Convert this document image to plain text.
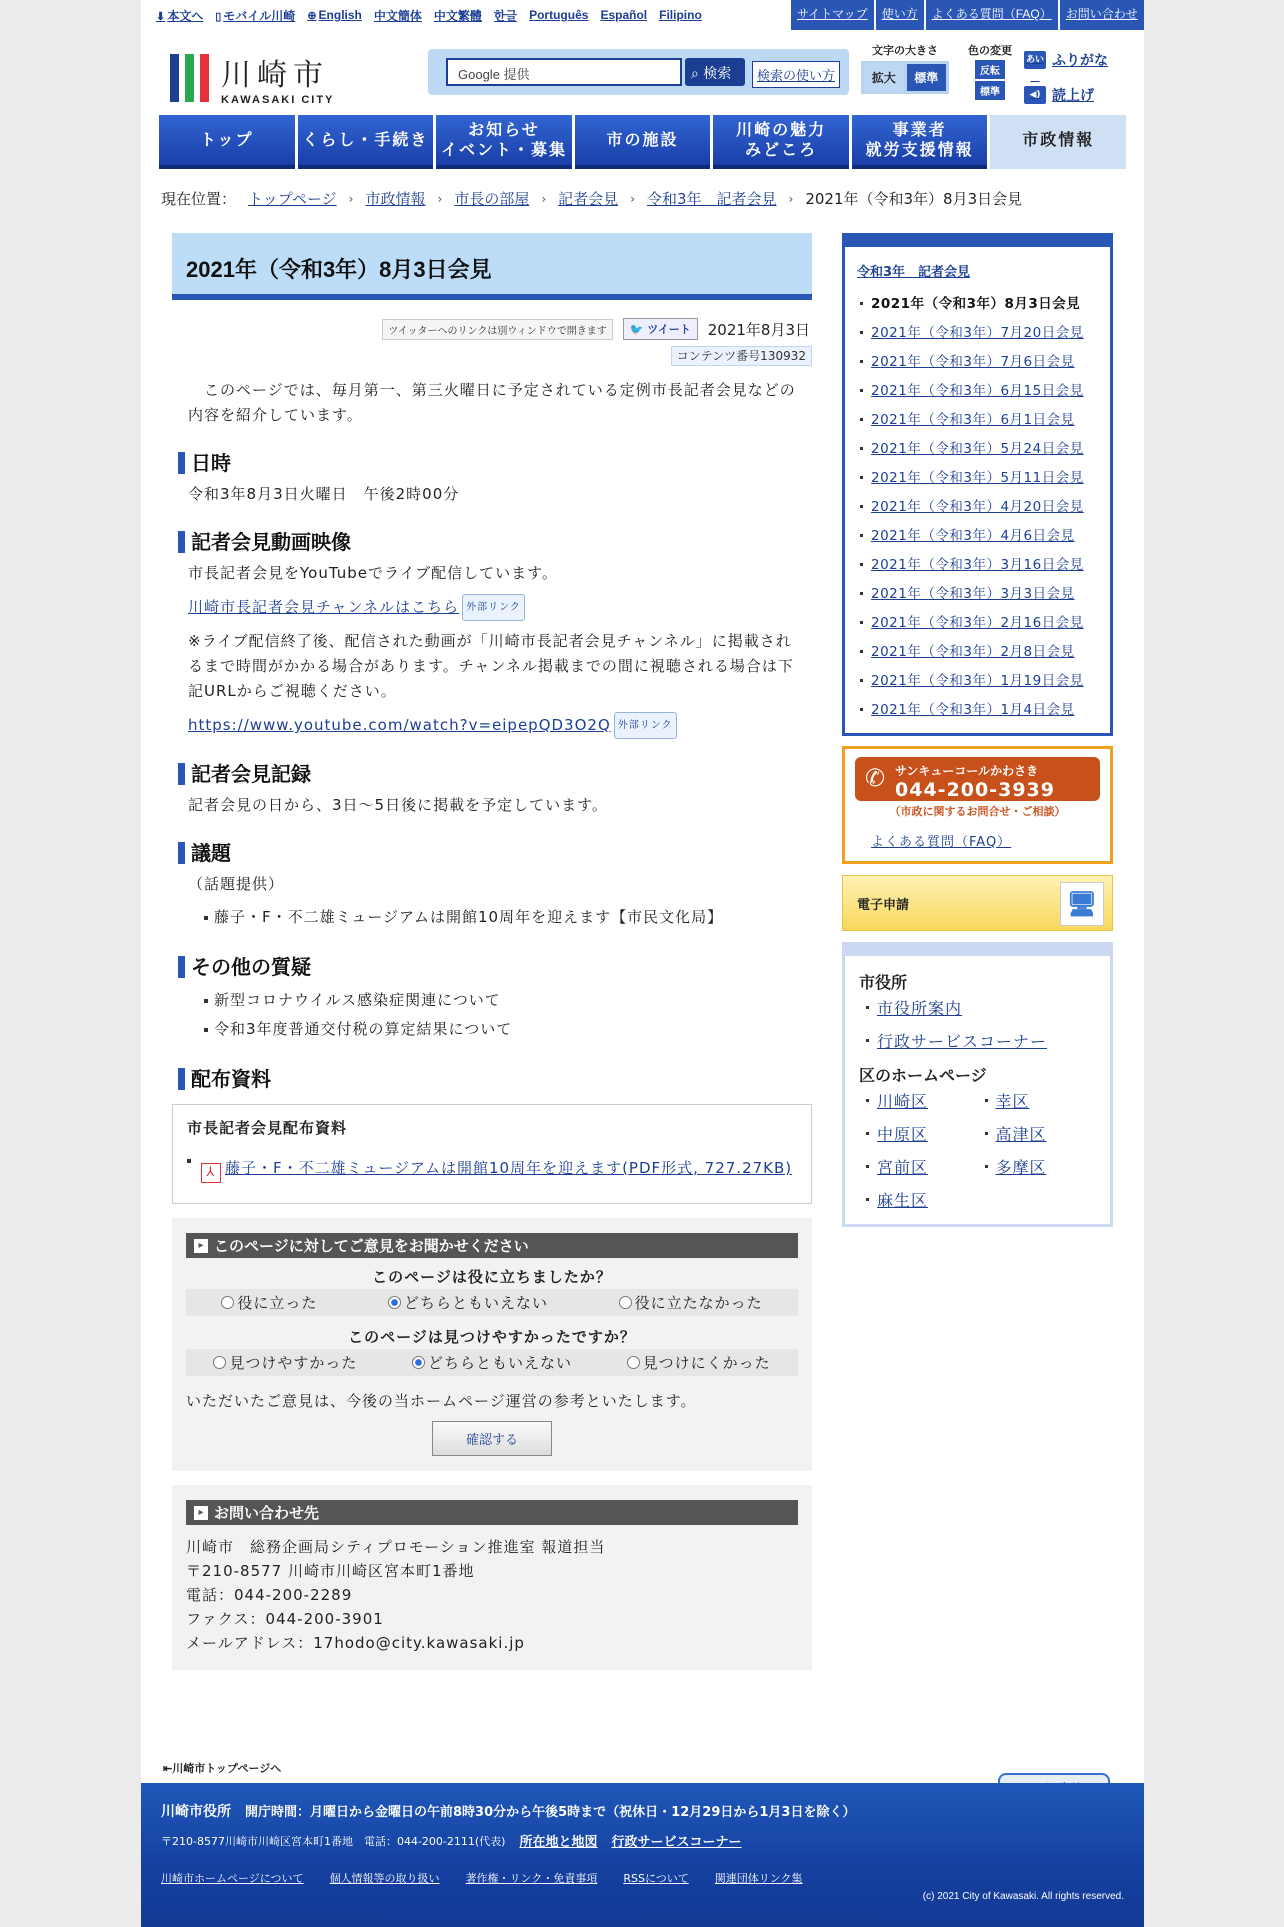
⬇ 本文へ ▯ モバイル川崎 ⊕ English 中文簡体 中文繁體 한글 Português Español Filipino	サイトマップ	使い方	よくある質問（FAQ）	お問い合わせ
川崎市
KAWASAKI CITY
Google 提供	⌕ 検索	検索の使い方
文字の大きさ
拡大	標準
色の変更
反転
標準
あいう
ふりがな
◀) 読上げ
トップ	くらし・手続き
お知らせ
イベント・募集
市の施設
川崎の魅力
みどころ
事業者
就労支援情報
市政情報
現在位置： トップページ › 市政情報 › 市長の部屋 › 記者会見 › 令和3年　記者会見 › 2021年（令和3年）8月3日会見
2021年（令和3年）8月3日会見
ツイッターへのリンクは別ウィンドウで開きます	🐦 ツイート	2021年8月3日
コンテンツ番号130932

　このページでは、毎月第一、第三火曜日に予定されている定例市長記者会見などの内容を紹介しています。

日時

令和3年8月3日火曜日　午後2時00分

記者会見動画映像

市長記者会見をYouTubeでライブ配信しています。

川崎市長記者会見チャンネルはこちら 外部リンク

※ライブ配信終了後、配信された動画が「川崎市長記者会見チャンネル」に掲載されるまで時間がかかる場合があります。チャンネル掲載までの間に視聴される場合は下記URLからご視聴ください。

https://www.youtube.com/watch?v=eipepQD3O2Q 外部リンク

記者会見記録

記者会見の日から、3日～5日後に掲載を予定しています。

議題

（話題提供）

藤子・F・不二雄ミュージアムは開館10周年を迎えます【市民文化局】
その他の質疑
新型コロナウイルス感染症関連について
令和3年度普通交付税の算定結果について
配布資料
市長記者会見配布資料
⅄ 藤子・F・不二雄ミュージアムは開館10周年を迎えます(PDF形式, 727.27KB)
▸ このページに対してご意見をお聞かせください
このページは役に立ちましたか？
役に立った	どちらともいえない	役に立たなかった
このページは見つけやすかったですか？
見つけやすかった	どちらともいえない	見つけにくかった
いただいたご意見は、今後の当ホームページ運営の参考といたします。
確認する
▸ お問い合わせ先
川崎市　総務企画局シティプロモーション推進室 報道担当
〒210-8577 川崎市川崎区宮本町1番地
電話：044-200-2289
ファクス：044-200-3901
メールアドレス：17hodo@city.kawasaki.jp
令和3年　記者会見
2021年（令和3年）8月3日会見
2021年（令和3年）7月20日会見
2021年（令和3年）7月6日会見
2021年（令和3年）6月15日会見
2021年（令和3年）6月1日会見
2021年（令和3年）5月24日会見
2021年（令和3年）5月11日会見
2021年（令和3年）4月20日会見
2021年（令和3年）4月6日会見
2021年（令和3年）3月16日会見
2021年（令和3年）3月3日会見
2021年（令和3年）2月16日会見
2021年（令和3年）2月8日会見
2021年（令和3年）1月19日会見
2021年（令和3年）1月4日会見
✆ サンキューコールかわさき
044-200-3939
（市政に関するお問合せ・ご相談）
よくある質問（FAQ）
電子申請	🖥
市役所
市役所案内
行政サービスコーナー
区のホームページ
川崎区	幸区
中原区	高津区
宮前区	多摩区
麻生区
⇤川崎市トップページへ
川崎市役所 開庁時間：月曜日から金曜日の午前8時30分から午後5時まで（祝休日・12月29日から1月3日を除く）
〒210-8577川崎市川崎区宮本町1番地　電話：044-200-2111(代表) 所在地と地図 行政サービスコーナー
川崎市ホームページについて 個人情報等の取り扱い 著作権・リンク・免責事項 RSSについて 関連団体リンク集
(c) 2021 City of Kawasaki. All rights reserved.
